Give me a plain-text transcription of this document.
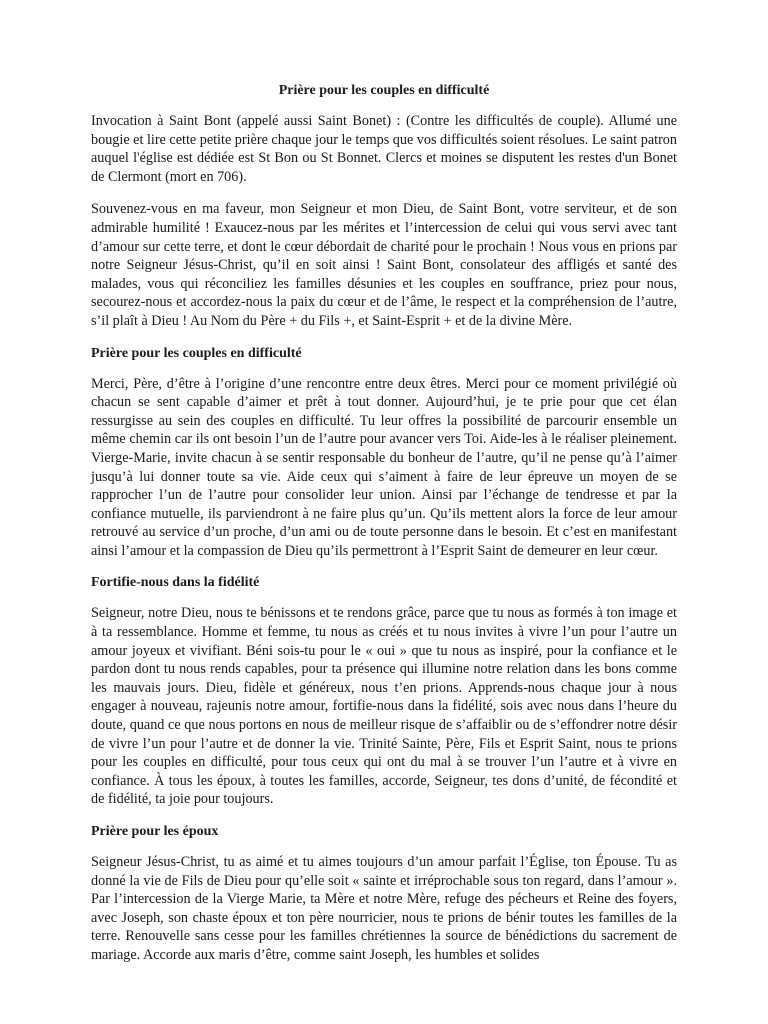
Prière pour les couples en difficulté

Invocation à Saint Bont (appelé aussi Saint Bonet) : (Contre les difficultés de couple). Allumé une bougie et lire cette petite prière chaque jour le temps que vos difficultés soient résolues. Le saint patron auquel l'église est dédiée est St Bon ou St Bonnet. Clercs et moines se disputent les restes d'un Bonet de Clermont (mort en 706).

Souvenez-vous en ma faveur, mon Seigneur et mon Dieu, de Saint Bont, votre serviteur, et de son admirable humilité ! Exaucez-nous par les mérites et l’intercession de celui qui vous servi avec tant d’amour sur cette terre, et dont le cœur débordait de charité pour le prochain ! Nous vous en prions par notre Seigneur Jésus-Christ, qu’il en soit ainsi ! Saint Bont, consolateur des affligés et santé des malades, vous qui réconciliez les familles désunies et les couples en souffrance, priez pour nous, secourez-nous et accordez-nous la paix du cœur et de l’âme, le respect et la compréhension de l’autre, s’il plaît à Dieu ! Au Nom du Père + du Fils +, et Saint-Esprit + et de la divine Mère.

Prière pour les couples en difficulté

Merci, Père, d’être à l’origine d’une rencontre entre deux êtres. Merci pour ce moment privilégié où chacun se sent capable d’aimer et prêt à tout donner. Aujourd’hui, je te prie pour que cet élan ressurgisse au sein des couples en difficulté. Tu leur offres la possibilité de parcourir ensemble un même chemin car ils ont besoin l’un de l’autre pour avancer vers Toi. Aide-les à le réaliser pleinement. Vierge-Marie, invite chacun à se sentir responsable du bonheur de l’autre, qu’il ne pense qu’à l’aimer jusqu’à lui donner toute sa vie. Aide ceux qui s’aiment à faire de leur épreuve un moyen de se rapprocher l’un de l’autre pour consolider leur union. Ainsi par l’échange de tendresse et par la confiance mutuelle, ils parviendront à ne faire plus qu’un. Qu’ils mettent alors la force de leur amour retrouvé au service d’un proche, d’un ami ou de toute personne dans le besoin. Et c’est en manifestant ainsi l’amour et la compassion de Dieu qu’ils permettront à l’Esprit Saint de demeurer en leur cœur.

Fortifie-nous dans la fidélité

Seigneur, notre Dieu, nous te bénissons et te rendons grâce, parce que tu nous as formés à ton image et à ta ressemblance. Homme et femme, tu nous as créés et tu nous invites à vivre l’un pour l’autre un amour joyeux et vivifiant. Béni sois-tu pour le « oui » que tu nous as inspiré, pour la confiance et le pardon dont tu nous rends capables, pour ta présence qui illumine notre relation dans les bons comme les mauvais jours. Dieu, fidèle et généreux, nous t’en prions. Apprends-nous chaque jour à nous engager à nouveau, rajeunis notre amour, fortifie-nous dans la fidélité, sois avec nous dans l’heure du doute, quand ce que nous portons en nous de meilleur risque de s’affaiblir ou de s’effondrer notre désir de vivre l’un pour l’autre et de donner la vie. Trinité Sainte, Père, Fils et Esprit Saint, nous te prions pour les couples en difficulté, pour tous ceux qui ont du mal à se trouver l’un l’autre et à vivre en confiance. À tous les époux, à toutes les familles, accorde, Seigneur, tes dons d’unité, de fécondité et de fidélité, ta joie pour toujours.

Prière pour les époux

Seigneur Jésus-Christ, tu as aimé et tu aimes toujours d’un amour parfait l’Église, ton Épouse. Tu as donné la vie de Fils de Dieu pour qu’elle soit « sainte et irréprochable sous ton regard, dans l’amour ». Par l’intercession de la Vierge Marie, ta Mère et notre Mère, refuge des pécheurs et Reine des foyers, avec Joseph, son chaste époux et ton père nourricier, nous te prions de bénir toutes les familles de la terre. Renouvelle sans cesse pour les familles chrétiennes la source de bénédictions du sacrement de mariage. Accorde aux maris d’être, comme saint Joseph, les humbles et solides
